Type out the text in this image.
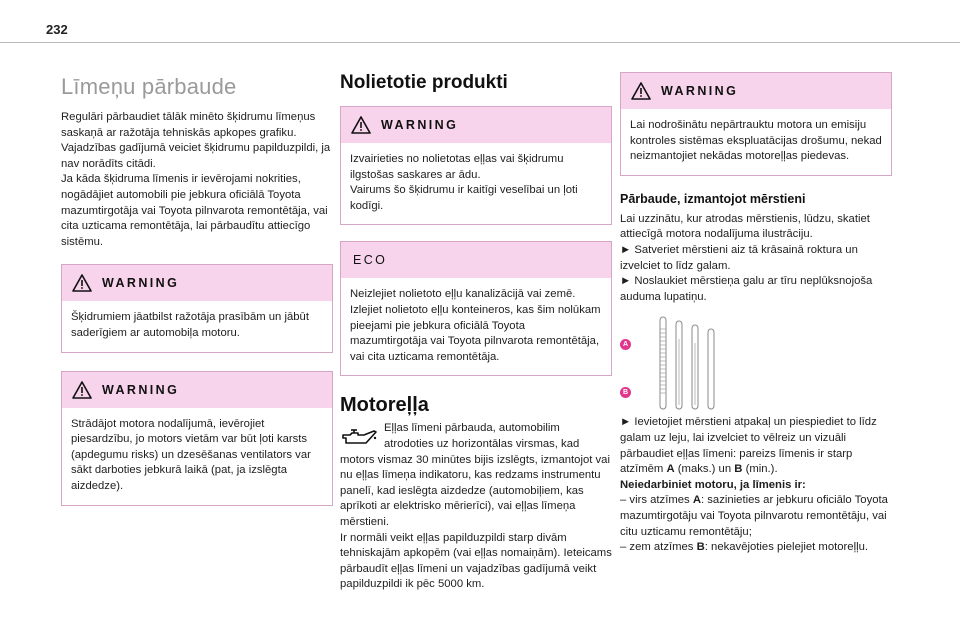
232
Līmeņu pārbaude

Regulāri pārbaudiet tālāk minēto šķidrumu līmeņus saskaņā ar ražotāja tehniskās apkopes grafiku. Vajadzības gadījumā veiciet šķidrumu papilduzpildi, ja nav norādīts citādi.

Ja kāda šķidruma līmenis ir ievērojami nokrities, nogādājiet automobili pie jebkura oficiālā Toyota mazumtirgotāja vai Toyota pilnvarota remontētāja, vai cita uzticama remontētāja, lai pārbaudītu attiecīgo sistēmu.

WARNING

Šķidrumiem jāatbilst ražotāja prasībām un jābūt saderīgiem ar automobiļa motoru.

WARNING

Strādājot motora nodalījumā, ievērojiet piesardzību, jo motors vietām var būt ļoti karsts (apdegumu risks) un dzesēšanas ventilators var sākt darboties jebkurā laikā (pat, ja izslēgta aizdedze).

Nolietotie produkti
WARNING

Izvairieties no nolietotas eļļas vai šķidrumu ilgstošas saskares ar ādu.

Vairums šo šķidrumu ir kaitīgi veselībai un ļoti kodīgi.

ECO

Neizlejiet nolietoto eļļu kanalizācijā vai zemē.

Izlejiet nolietoto eļļu konteineros, kas šim nolūkam pieejami pie jebkura oficiālā Toyota mazumtirgotāja vai Toyota pilnvarota remontētāja, vai cita uzticama remontētāja.

Motoreļļa

Eļļas līmeni pārbauda, automobilim atrodoties uz horizontālas virsmas, kad motors vismaz 30 minūtes bijis izslēgts, izmantojot vai nu eļļas līmeņa indikatoru, kas redzams instrumentu panelī, kad ieslēgta aizdedze (automobiļiem, kas aprīkoti ar elektrisko mērierīci), vai eļļas līmeņa mērstieni.

Ir normāli veikt eļļas papilduzpildi starp divām tehniskajām apkopēm (vai eļļas nomaiņām). Ieteicams pārbaudīt eļļas līmeni un vajadzības gadījumā veikt papilduzpildi ik pēc 5000 km.

WARNING

Lai nodrošinātu nepārtrauktu motora un emisiju kontroles sistēmas ekspluatācijas drošumu, nekad neizmantojiet nekādas motoreļļas piedevas.

Pārbaude, izmantojot mērstieni

Lai uzzinātu, kur atrodas mērstienis, lūdzu, skatiet attiecīgā motora nodalījuma ilustrāciju.

► Satveriet mērstieni aiz tā krāsainā roktura un izvelciet to līdz galam.

► Noslaukiet mērstieņa galu ar tīru neplūksnojoša auduma lupatiņu.

A
B

► Ievietojiet mērstieni atpakaļ un piespiediet to līdz galam uz leju, lai izvelciet to vēlreiz un vizuāli pārbaudiet eļļas līmeni: pareizs līmenis ir starp atzīmēm A (maks.) un B (min.).

Neiedarbiniet motoru, ja līmenis ir:

– virs atzīmes A: sazinieties ar jebkuru oficiālo Toyota mazumtirgotāju vai Toyota pilnvarotu remontētāju, vai citu uzticamu remontētāju;

– zem atzīmes B: nekavējoties pielejiet motoreļļu.
